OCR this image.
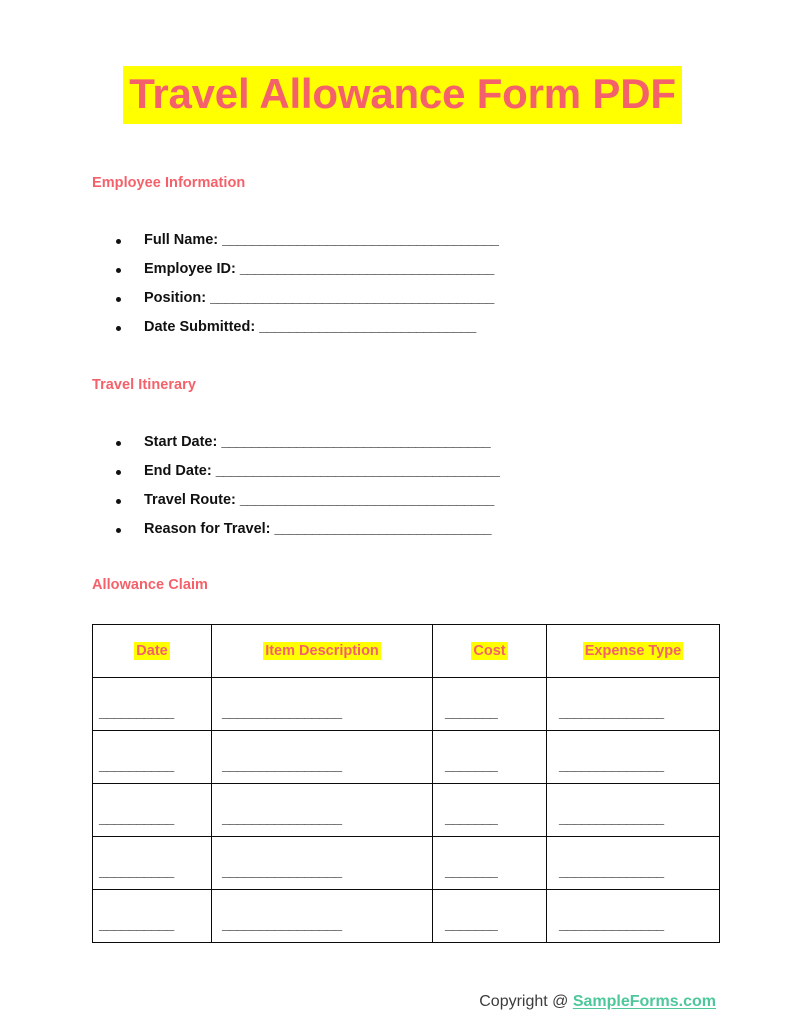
Travel Allowance Form PDF
Employee Information
Full Name: _____________________________________
Employee ID: __________________________________
Position: ______________________________________
Date Submitted: _____________________________
Travel Itinerary
Start Date: ____________________________________
End Date: ______________________________________
Travel Route: __________________________________
Reason for Travel: _____________________________
Allowance Claim
Date	Item Description	Cost	Expense Type

__________	________________	_______	______________

__________	________________	_______	______________

__________	________________	_______	______________

__________	________________	_______	______________

__________	________________	_______	______________
Copyright @ SampleForms.com
